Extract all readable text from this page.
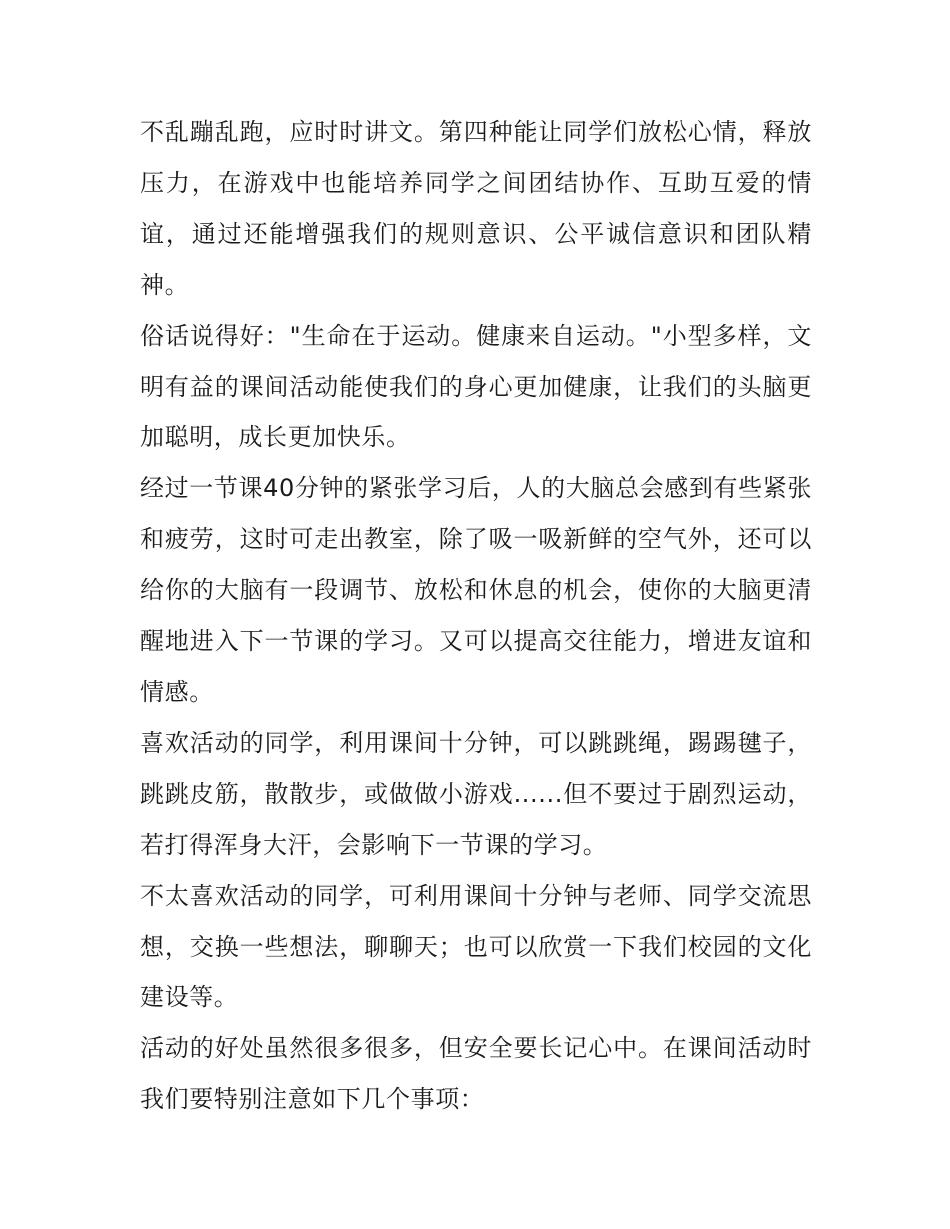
不乱蹦乱跑，应时时讲文。第四种能让同学们放松心情，释放压力，在游戏中也能培养同学之间团结协作、互助互爱的情谊，通过还能增强我们的规则意识、公平诚信意识和团队精神。

俗话说得好："生命在于运动。健康来自运动。"小型多样，文明有益的课间活动能使我们的身心更加健康，让我们的头脑更加聪明，成长更加快乐。

经过一节课40分钟的紧张学习后，人的大脑总会感到有些紧张和疲劳，这时可走出教室，除了吸一吸新鲜的空气外，还可以给你的大脑有一段调节、放松和休息的机会，使你的大脑更清醒地进入下一节课的学习。又可以提高交往能力，增进友谊和情感。

喜欢活动的同学，利用课间十分钟，可以跳跳绳，踢踢毽子，跳跳皮筋，散散步，或做做小游戏......但不要过于剧烈运动，若打得浑身大汗，会影响下一节课的学习。

不太喜欢活动的同学，可利用课间十分钟与老师、同学交流思想，交换一些想法，聊聊天；也可以欣赏一下我们校园的文化建设等。

活动的好处虽然很多很多，但安全要长记心中。在课间活动时我们要特别注意如下几个事项：
